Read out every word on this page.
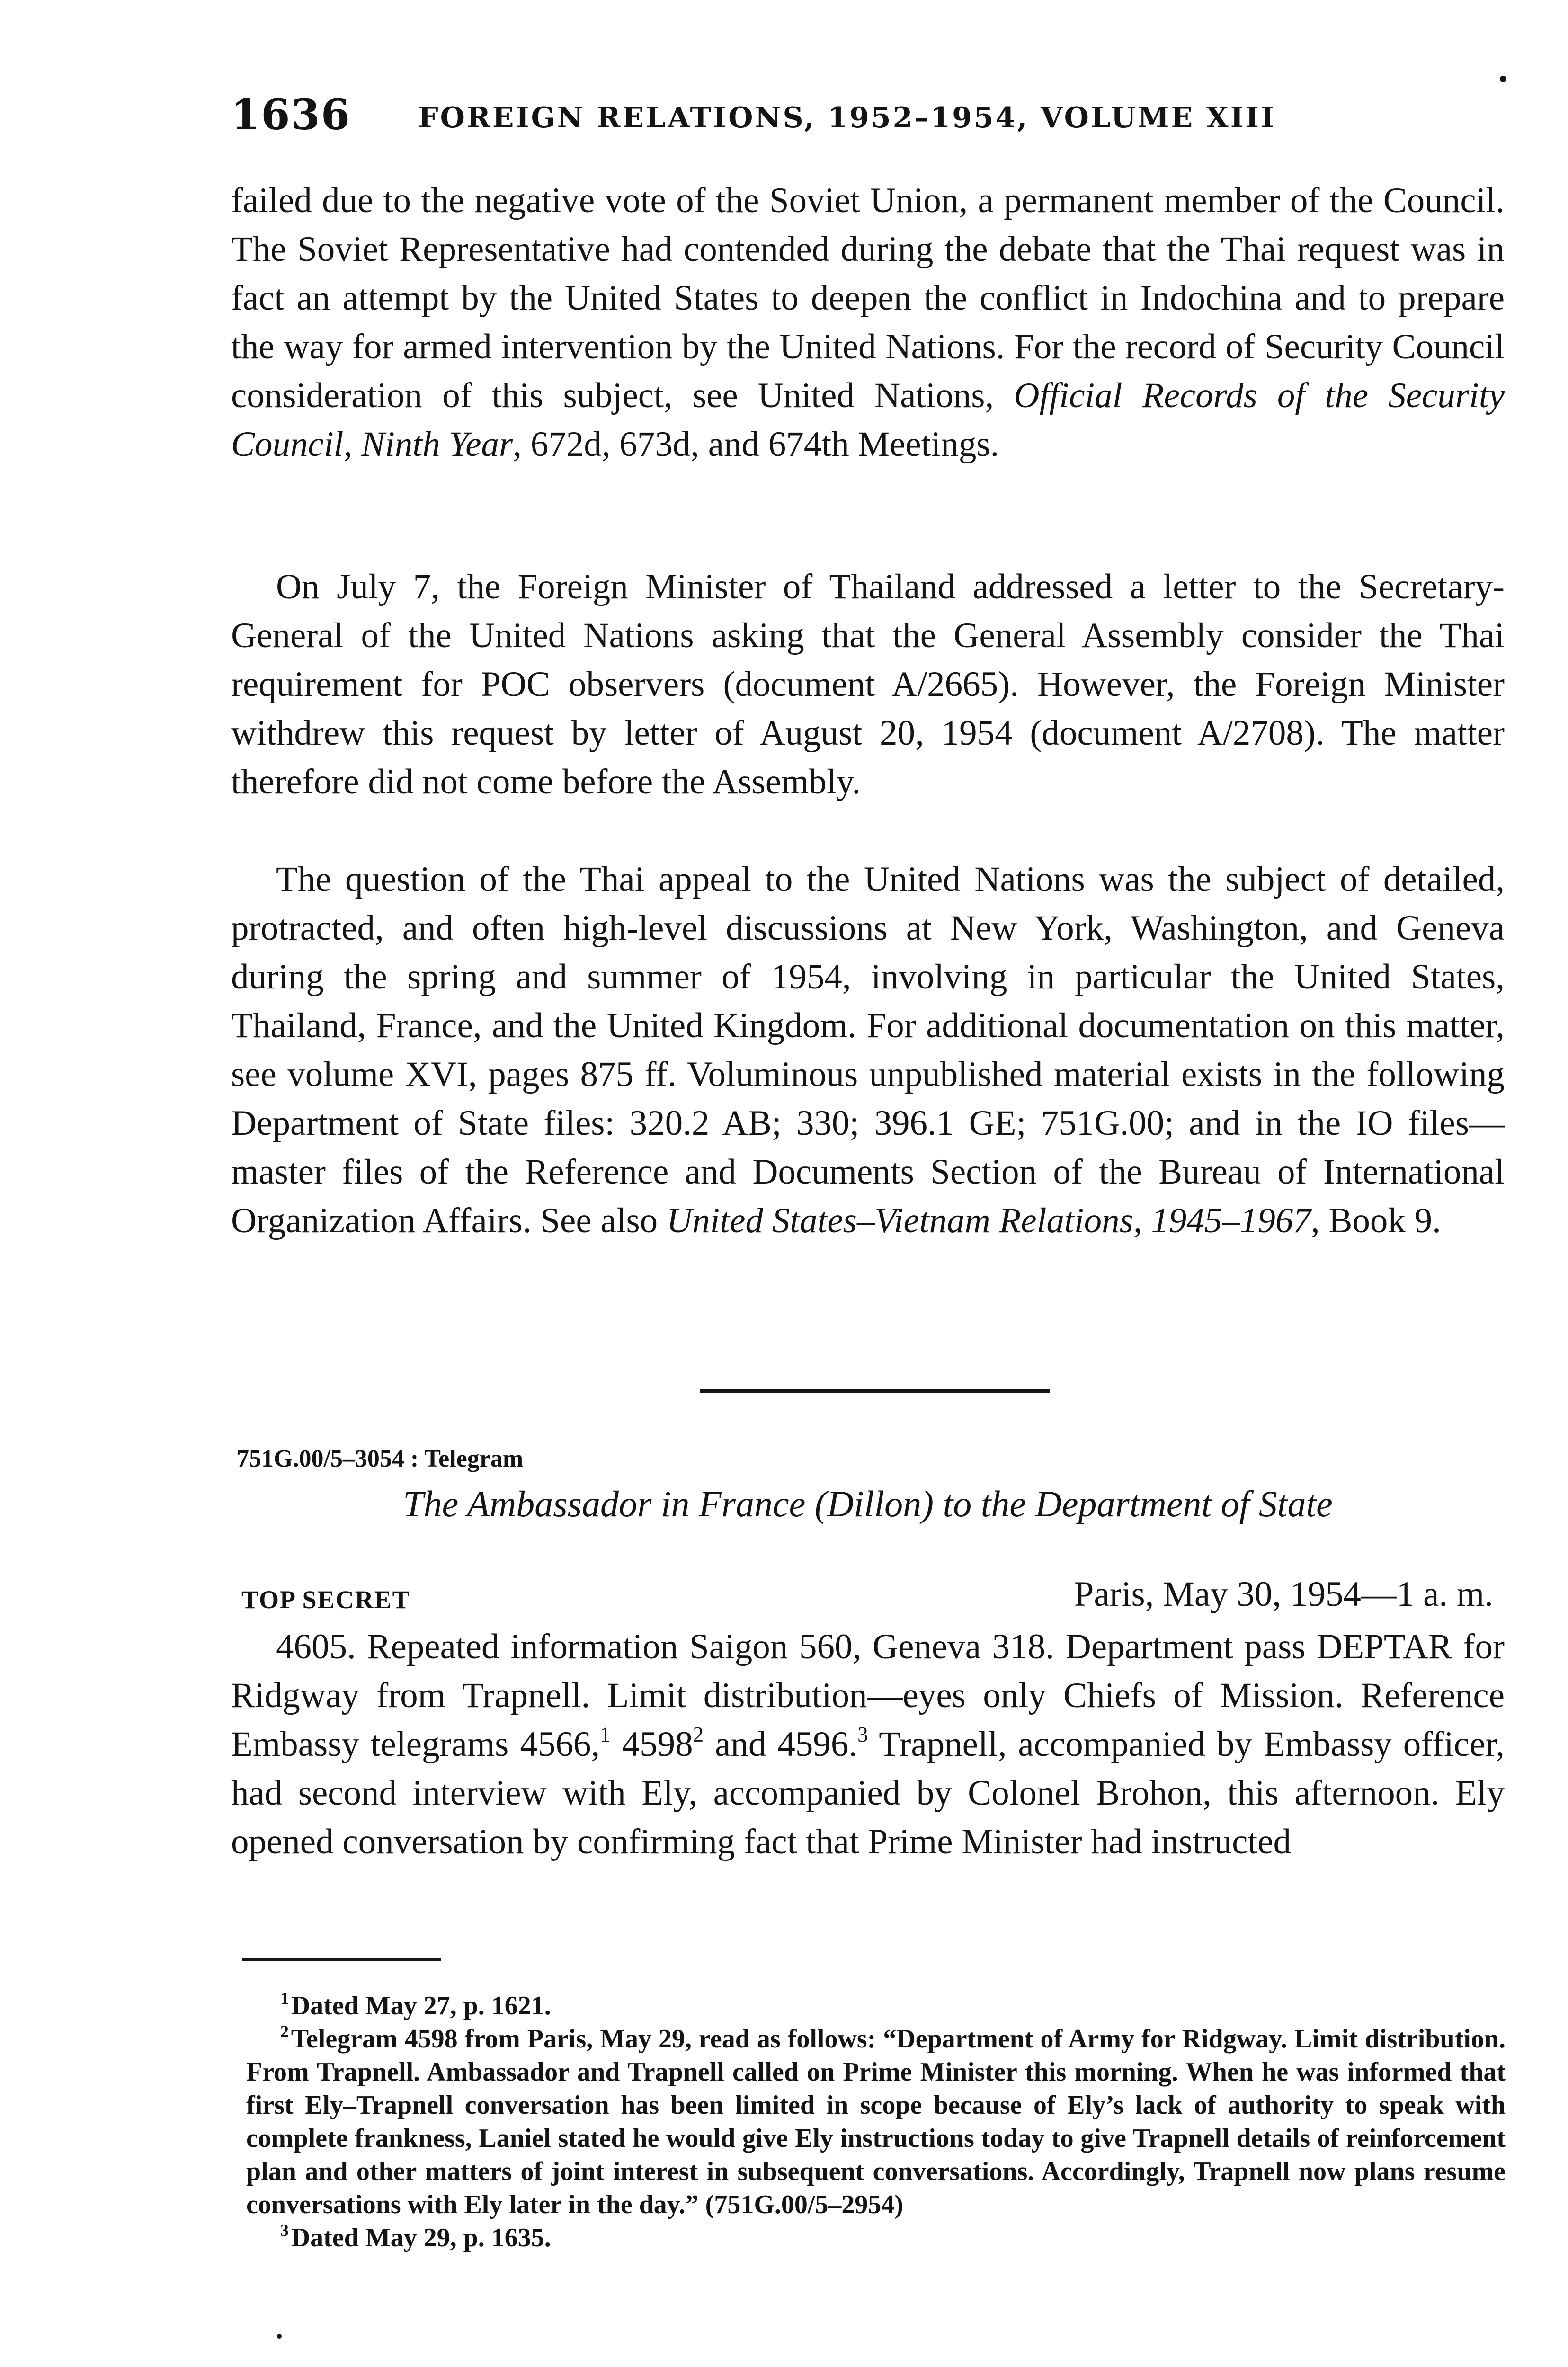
1636 FOREIGN RELATIONS, 1952–1954, VOLUME XIII

failed due to the negative vote of the Soviet Union, a permanent member of the Council. The Soviet Representative had contended during the debate that the Thai request was in fact an attempt by the United States to deepen the conflict in Indochina and to prepare the way for armed intervention by the United Nations. For the record of Security Council consideration of this subject, see United Nations, Official Records of the Security Council, Ninth Year, 672d, 673d, and 674th Meetings.

On July 7, the Foreign Minister of Thailand addressed a letter to the Secretary-General of the United Nations asking that the General Assembly consider the Thai requirement for POC observers (document A/2665). However, the Foreign Minister withdrew this request by letter of August 20, 1954 (document A/2708). The matter therefore did not come before the Assembly.

The question of the Thai appeal to the United Nations was the subject of detailed, protracted, and often high-level discussions at New York, Washington, and Geneva during the spring and summer of 1954, involving in particular the United States, Thailand, France, and the United Kingdom. For additional documentation on this matter, see volume XVI, pages 875 ff. Voluminous unpublished material exists in the following Department of State files: 320.2 AB; 330; 396.1 GE; 751G.00; and in the IO files—master files of the Reference and Documents Section of the Bureau of International Organization Affairs. See also United States–Vietnam Relations, 1945–1967, Book 9.

751G.00/5–3054 : Telegram
The Ambassador in France (Dillon) to the Department of State
TOP SECRET	Paris, May 30, 1954—1 a. m.

4605. Repeated information Saigon 560, Geneva 318. Department pass DEPTAR for Ridgway from Trapnell. Limit distribution—eyes only Chiefs of Mission. Reference Embassy telegrams 4566,$^1$ 4598$^2$ and 4596.$^3$ Trapnell, accompanied by Embassy officer, had second interview with Ely, accompanied by Colonel Brohon, this afternoon. Ely opened conversation by confirming fact that Prime Minister had instructed

$^1$ Dated May 27, p. 1621.

$^2$ Telegram 4598 from Paris, May 29, read as follows: “Department of Army for Ridgway. Limit distribution. From Trapnell. Ambassador and Trapnell called on Prime Minister this morning. When he was informed that first Ely–Trapnell conversation has been limited in scope because of Ely’s lack of authority to speak with complete frankness, Laniel stated he would give Ely instructions today to give Trapnell details of reinforcement plan and other matters of joint interest in subsequent conversations. Accordingly, Trapnell now plans resume conversations with Ely later in the day.” (751G.00/5–2954)

$^3$ Dated May 29, p. 1635.
